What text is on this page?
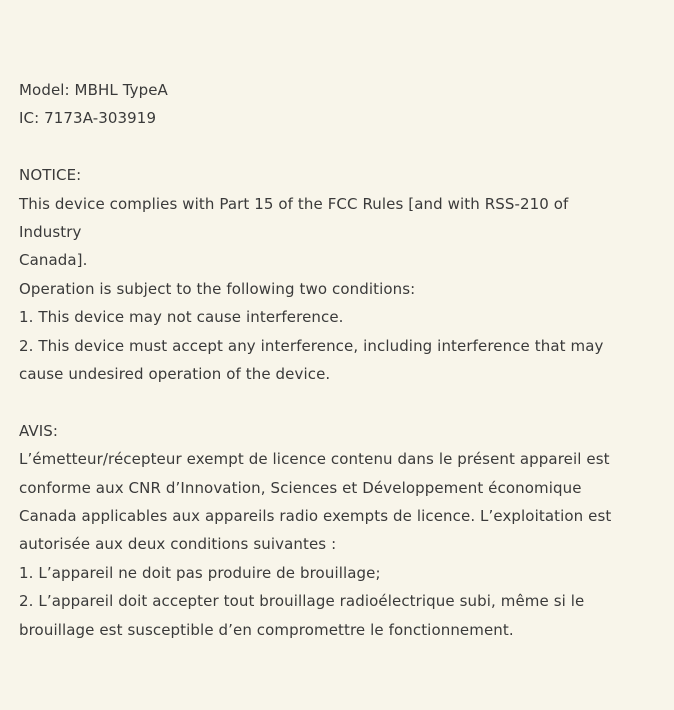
Model: MBHL TypeA
IC: 7173A-303919
NOTICE:
This device complies with Part 15 of the FCC Rules [and with RSS-210 of
Industry
Canada].
Operation is subject to the following two conditions:
1. This device may not cause interference.
2. This device must accept any interference, including interference that may
cause undesired operation of the device.
AVIS:
L’émetteur/récepteur exempt de licence contenu dans le présent appareil est
conforme aux CNR d’Innovation, Sciences et Développement économique
Canada applicables aux appareils radio exempts de licence. L’exploitation est
autorisée aux deux conditions suivantes :
1. L’appareil ne doit pas produire de brouillage;
2. L’appareil doit accepter tout brouillage radioélectrique subi, même si le
brouillage est susceptible d’en compromettre le fonctionnement.
